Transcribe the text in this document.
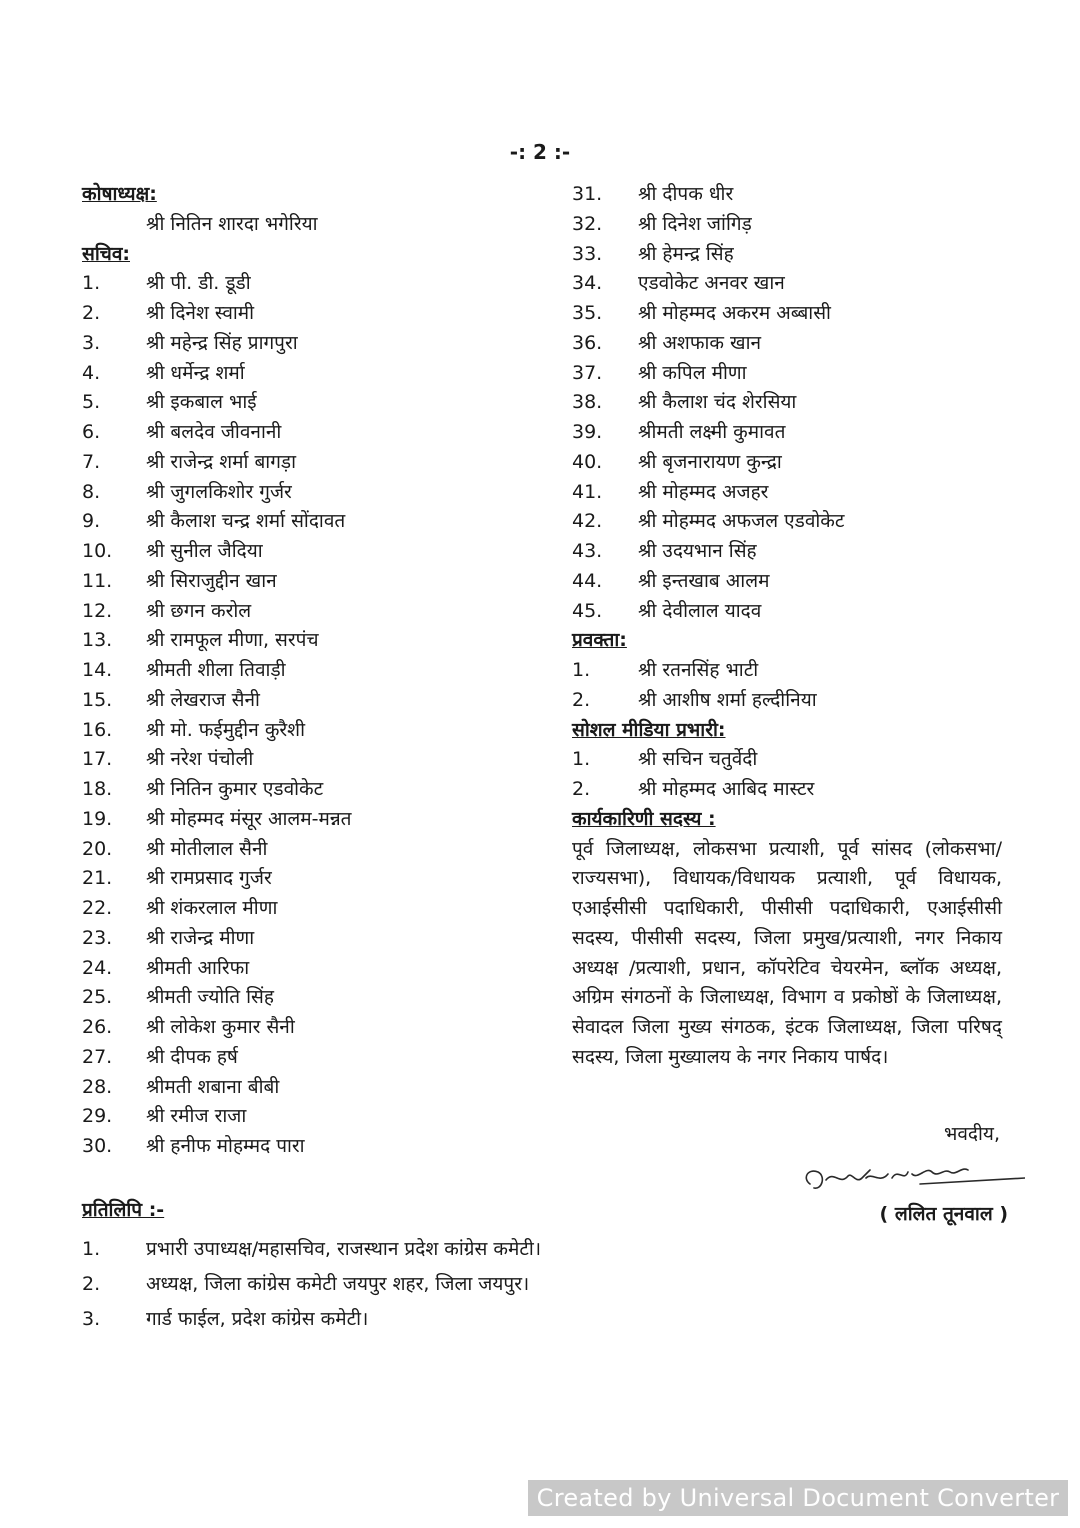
-: 2 :-
कोषाध्यक्ष:
श्री नितिन शारदा भगेरिया
सचिव:
1.	श्री पी. डी. डूडी
2.	श्री दिनेश स्वामी
3.	श्री महेन्द्र सिंह प्रागपुरा
4.	श्री धर्मेन्द्र शर्मा
5.	श्री इकबाल भाई
6.	श्री बलदेव जीवनानी
7.	श्री राजेन्द्र शर्मा बागड़ा
8.	श्री जुगलकिशोर गुर्जर
9.	श्री कैलाश चन्द्र शर्मा सोंदावत
10.	श्री सुनील जैदिया
11.	श्री सिराजुद्दीन खान
12.	श्री छगन करोल
13.	श्री रामफूल मीणा, सरपंच
14.	श्रीमती शीला तिवाड़ी
15.	श्री लेखराज सैनी
16.	श्री मो. फईमुद्दीन कुरैशी
17.	श्री नरेश पंचोली
18.	श्री नितिन कुमार एडवोकेट
19.	श्री मोहम्मद मंसूर आलम-मन्नत
20.	श्री मोतीलाल सैनी
21.	श्री रामप्रसाद गुर्जर
22.	श्री शंकरलाल मीणा
23.	श्री राजेन्द्र मीणा
24.	श्रीमती आरिफा
25.	श्रीमती ज्योति सिंह
26.	श्री लोकेश कुमार सैनी
27.	श्री दीपक हर्ष
28.	श्रीमती शबाना बीबी
29.	श्री रमीज राजा
30.	श्री हनीफ मोहम्मद पारा
31.	श्री दीपक धीर
32.	श्री दिनेश जांगिड़
33.	श्री हेमन्द्र सिंह
34.	एडवोकेट अनवर खान
35.	श्री मोहम्मद अकरम अब्बासी
36.	श्री अशफाक खान
37.	श्री कपिल मीणा
38.	श्री कैलाश चंद शेरसिया
39.	श्रीमती लक्ष्मी कुमावत
40.	श्री बृजनारायण कुन्द्रा
41.	श्री मोहम्मद अजहर
42.	श्री मोहम्मद अफजल एडवोकेट
43.	श्री उदयभान सिंह
44.	श्री इन्तखाब आलम
45.	श्री देवीलाल यादव
प्रवक्ता:
1.	श्री रतनसिंह भाटी
2.	श्री आशीष शर्मा हल्दीनिया
सोशल मीडिया प्रभारी:
1.	श्री सचिन चतुर्वेदी
2.	श्री मोहम्मद आबिद मास्टर
कार्यकारिणी सदस्य :

पूर्व जिलाध्यक्ष, लोकसभा प्रत्याशी, पूर्व सांसद (लोकसभा/ राज्यसभा), विधायक/विधायक प्रत्याशी, पूर्व विधायक, एआईसीसी पदाधिकारी, पीसीसी पदाधिकारी, एआईसीसी सदस्य, पीसीसी सदस्य, जिला प्रमुख/प्रत्याशी, नगर निकाय अध्यक्ष /प्रत्याशी, प्रधान, कॉपरेटिव चेयरमेन, ब्लॉक अध्यक्ष, अग्रिम संगठनों के जिलाध्यक्ष, विभाग व प्रकोष्ठों के जिलाध्यक्ष, सेवादल जिला मुख्य संगठक, इंटक जिलाध्यक्ष, जिला परिषद् सदस्य, जिला मुख्यालय के नगर निकाय पार्षद।

भवदीय,
( ललित तूनवाल )
प्रतिलिपि :-
1.	प्रभारी उपाध्यक्ष/महासचिव, राजस्थान प्रदेश कांग्रेस कमेटी।
2.	अध्यक्ष, जिला कांग्रेस कमेटी जयपुर शहर, जिला जयपुर।
3.	गार्ड फाईल, प्रदेश कांग्रेस कमेटी।
Created by Universal Document Converter
